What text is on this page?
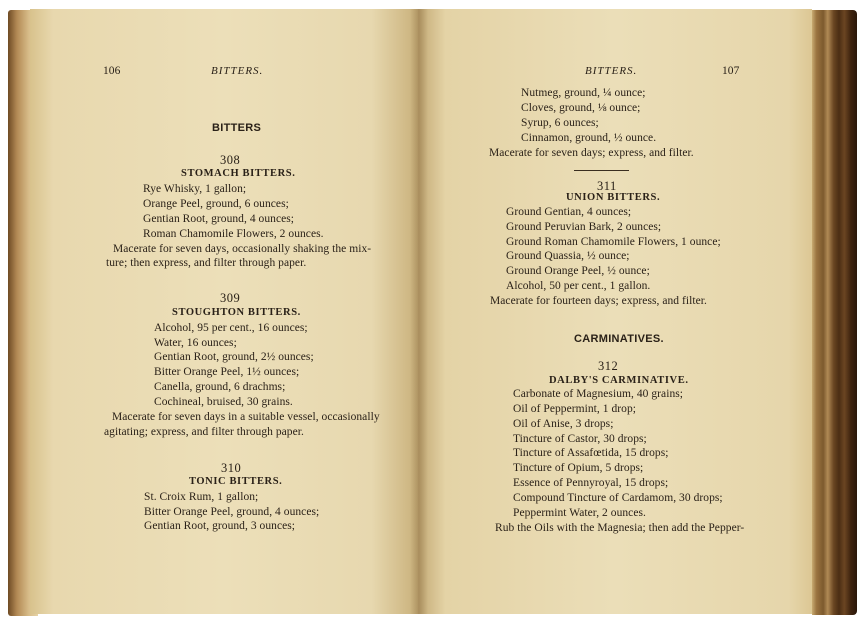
106	BITTERS.
BITTERS
308
STOMACH BITTERS.
Rye Whisky, 1 gallon;
Orange Peel, ground, 6 ounces;
Gentian Root, ground, 4 ounces;
Roman Chamomile Flowers, 2 ounces.
Macerate for seven days, occasionally shaking the mix-
ture; then express, and filter through paper.
309
STOUGHTON BITTERS.
Alcohol, 95 per cent., 16 ounces;
Water, 16 ounces;
Gentian Root, ground, 2½ ounces;
Bitter Orange Peel, 1½ ounces;
Canella, ground, 6 drachms;
Cochineal, bruised, 30 grains.
Macerate for seven days in a suitable vessel, occasionally
agitating; express, and filter through paper.
310
TONIC BITTERS.
St. Croix Rum, 1 gallon;
Bitter Orange Peel, ground, 4 ounces;
Gentian Root, ground, 3 ounces;
BITTERS.	107
Nutmeg, ground, ¼ ounce;
Cloves, ground, ⅛ ounce;
Syrup, 6 ounces;
Cinnamon, ground, ½ ounce.
Macerate for seven days; express, and filter.
311
UNION BITTERS.
Ground Gentian, 4 ounces;
Ground Peruvian Bark, 2 ounces;
Ground Roman Chamomile Flowers, 1 ounce;
Ground Quassia, ½ ounce;
Ground Orange Peel, ½ ounce;
Alcohol, 50 per cent., 1 gallon.
Macerate for fourteen days; express, and filter.
CARMINATIVES.
312
DALBY'S CARMINATIVE.
Carbonate of Magnesium, 40 grains;
Oil of Peppermint, 1 drop;
Oil of Anise, 3 drops;
Tincture of Castor, 30 drops;
Tincture of Assafœtida, 15 drops;
Tincture of Opium, 5 drops;
Essence of Pennyroyal, 15 drops;
Compound Tincture of Cardamom, 30 drops;
Peppermint Water, 2 ounces.
Rub the Oils with the Magnesia; then add the Pepper-
